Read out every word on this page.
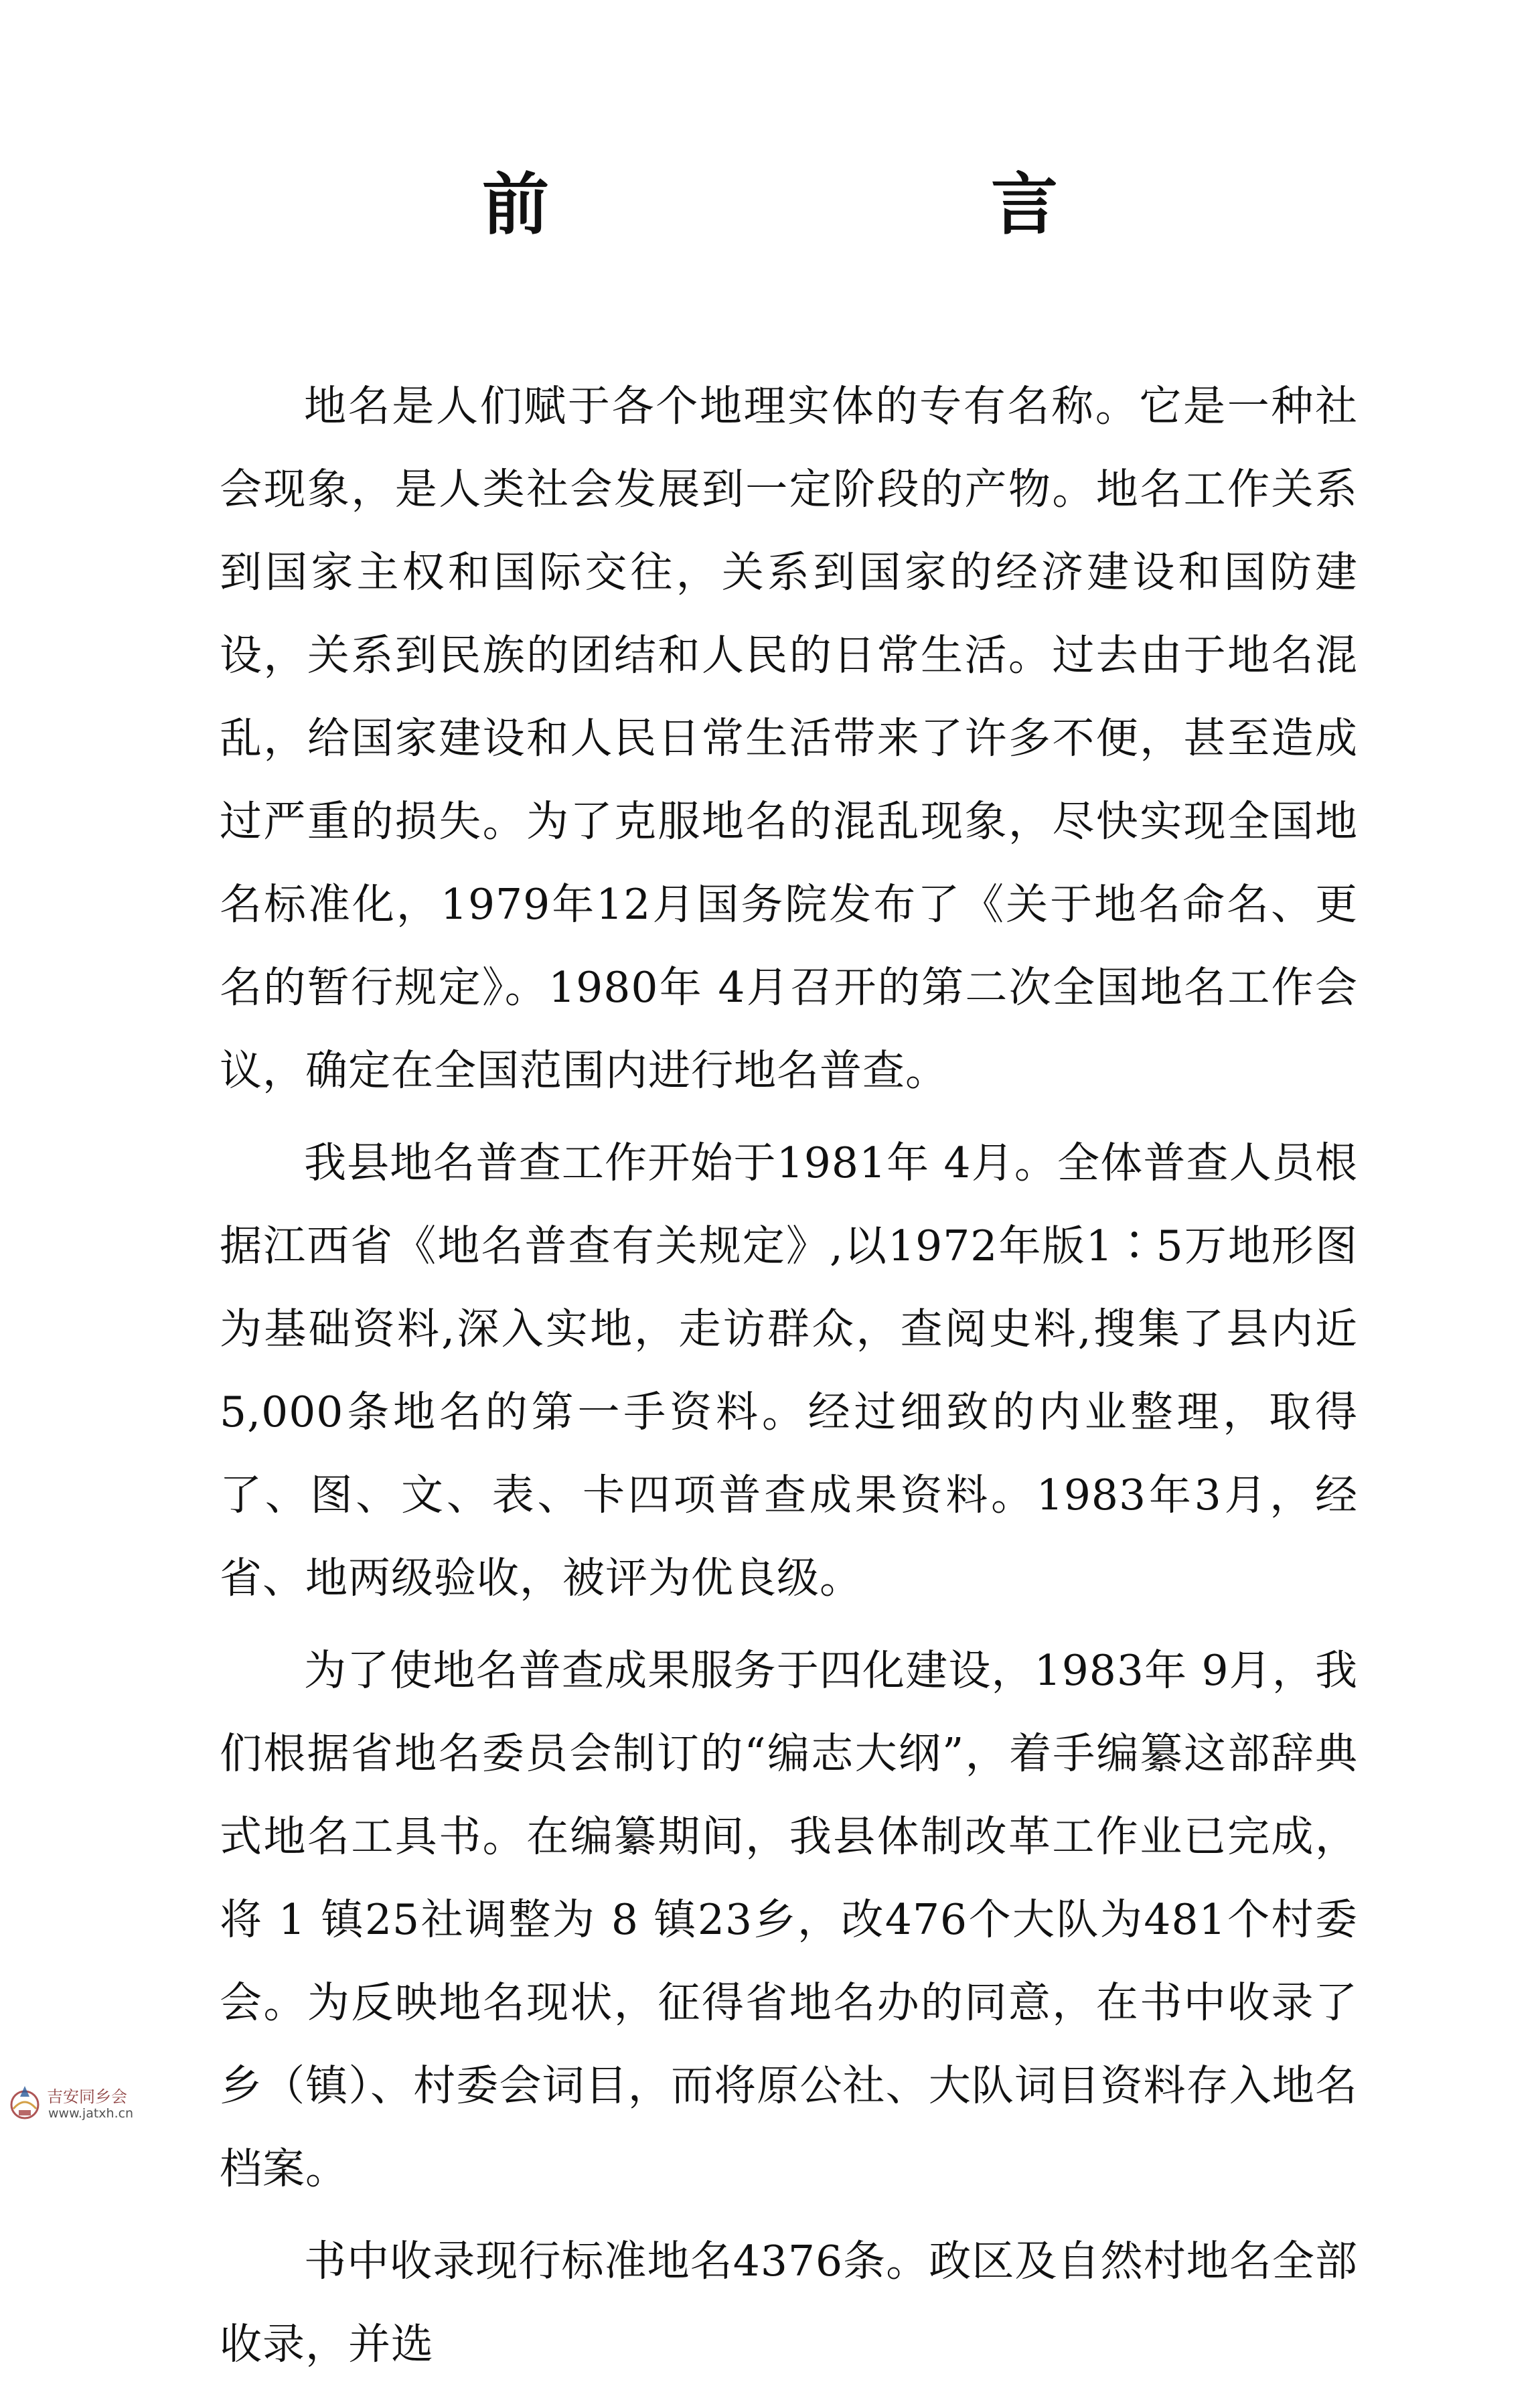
前　言

地名是人们赋于各个地理实体的专有名称。它是一种社会现象，是人类社会发展到一定阶段的产物。地名工作关系到国家主权和国际交往，关系到国家的经济建设和国防建设，关系到民族的团结和人民的日常生活。过去由于地名混乱，给国家建设和人民日常生活带来了许多不便，甚至造成过严重的损失。为了克服地名的混乱现象，尽快实现全国地名标准化，1979年12月国务院发布了《关于地名命名、更名的暂行规定》。1980年 4月召开的第二次全国地名工作会议，确定在全国范围内进行地名普查。

我县地名普查工作开始于1981年 4月。全体普查人员根据江西省《地名普查有关规定》,以1972年版1∶5万地形图为基础资料,深入实地，走访群众，查阅史料,搜集了县内近5,000条地名的第一手资料。经过细致的内业整理，取得了、图、文、表、卡四项普查成果资料。1983年3月，经省、地两级验收，被评为优良级。

为了使地名普查成果服务于四化建设，1983年 9月，我们根据省地名委员会制订的“编志大纲”，着手编纂这部辞典式地名工具书。在编纂期间，我县体制改革工作业已完成，将 1 镇25社调整为 8 镇23乡，改476个大队为481个村委会。为反映地名现状，征得省地名办的同意，在书中收录了乡（镇）、村委会词目，而将原公社、大队词目资料存入地名档案。

书中收录现行标准地名4376条。政区及自然村地名全部收录，并选

吉安同乡会
www.jatxh.cn
